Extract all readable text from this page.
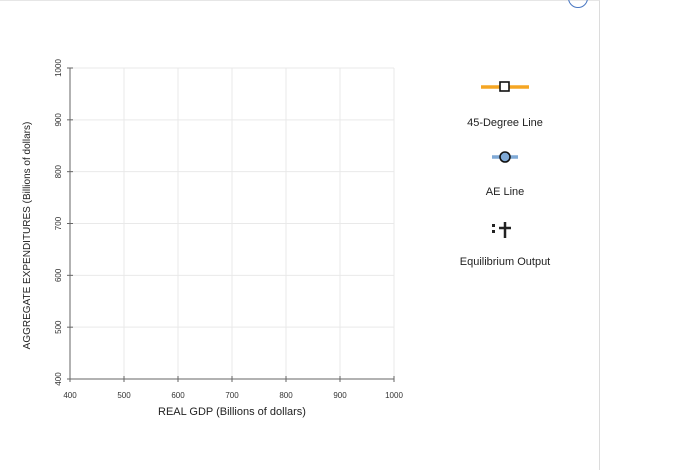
400	500	600	700	800	900	1000
400
500
600
700
800
900
1000
REAL GDP (Billions of dollars)
AGGREGATE EXPENDITURES (Billions of dollars)	45-Degree Line
AE Line
Equilibrium Output
